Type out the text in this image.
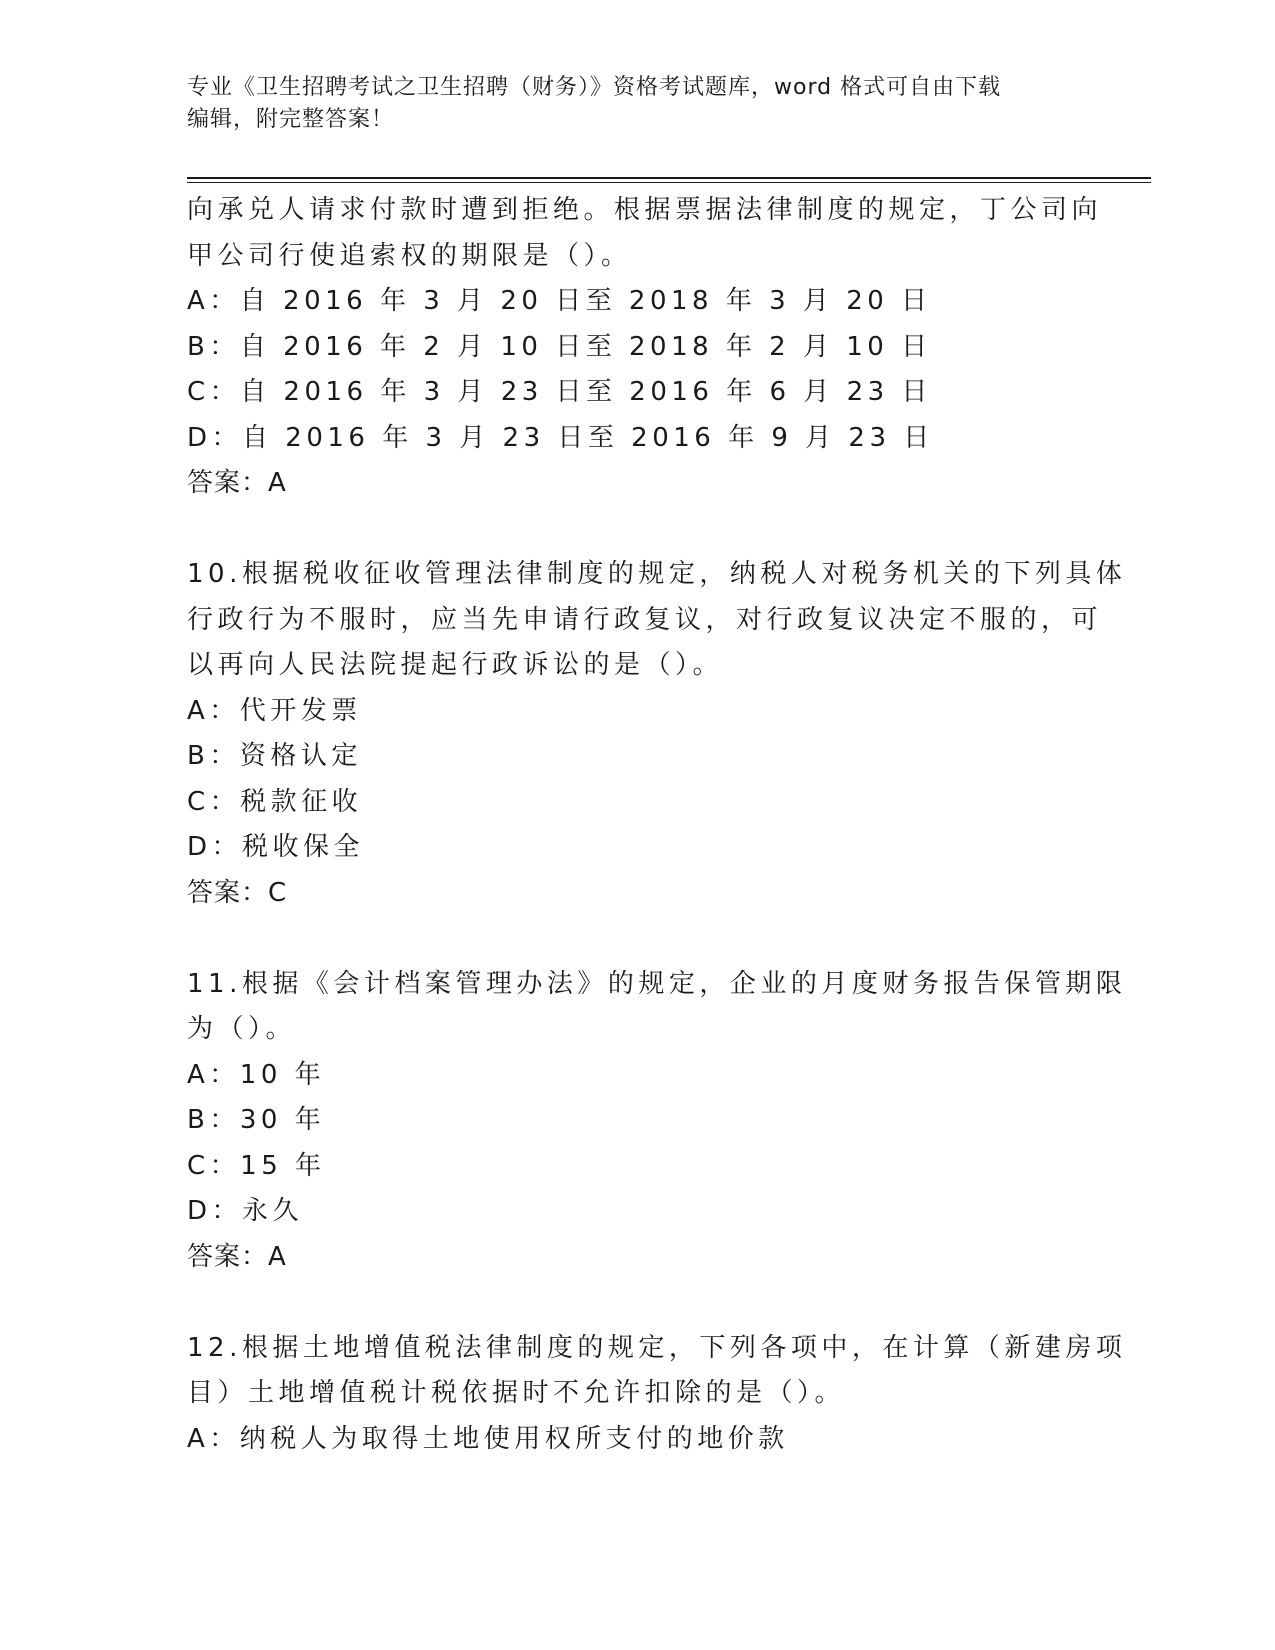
专业《卫生招聘考试之卫生招聘（财务）》资格考试题库，word 格式可自由下载
编辑，附完整答案！
向承兑人请求付款时遭到拒绝。根据票据法律制度的规定，丁公司向
甲公司行使追索权的期限是（）。
A：自 2016 年 3 月 20 日至 2018 年 3 月 20 日
B：自 2016 年 2 月 10 日至 2018 年 2 月 10 日
C：自 2016 年 3 月 23 日至 2016 年 6 月 23 日
D：自 2016 年 3 月 23 日至 2016 年 9 月 23 日
答案：A
10.根据税收征收管理法律制度的规定，纳税人对税务机关的下列具体
行政行为不服时，应当先申请行政复议，对行政复议决定不服的，可
以再向人民法院提起行政诉讼的是（）。
A：代开发票
B：资格认定
C：税款征收
D：税收保全
答案：C
11.根据《会计档案管理办法》的规定，企业的月度财务报告保管期限
为（）。
A：10 年
B：30 年
C：15 年
D：永久
答案：A
12.根据土地增值税法律制度的规定，下列各项中，在计算（新建房项
目）土地增值税计税依据时不允许扣除的是（）。
A：纳税人为取得土地使用权所支付的地价款
